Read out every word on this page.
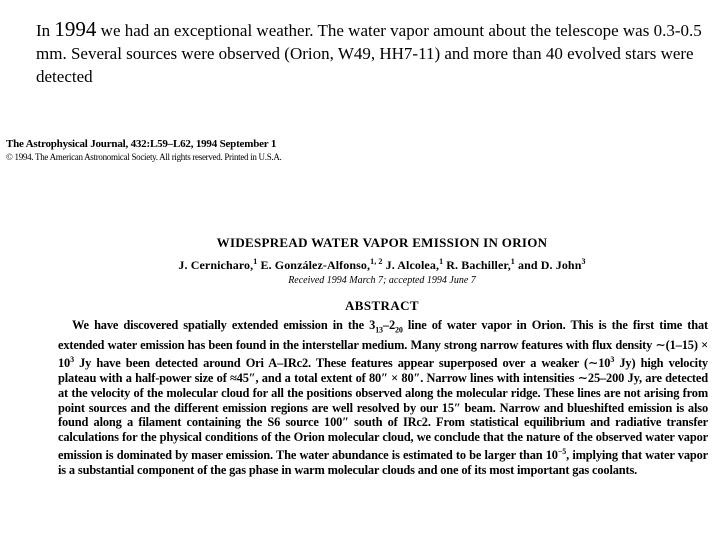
In 1994 we had an exceptional weather. The water vapor amount about the telescope was 0.3-0.5 mm. Several sources were observed (Orion, W49, HH7-11) and more than 40 evolved stars were detected
The Astrophysical Journal, 432:L59–L62, 1994 September 1
© 1994. The American Astronomical Society. All rights reserved. Printed in U.S.A.
WIDESPREAD WATER VAPOR EMISSION IN ORION
J. Cernicharo,$^1$ E. González-Alfonso,$^{1, 2}$ J. Alcolea,$^1$ R. Bachiller,$^1$ and D. John$^3$
Received 1994 March 7; accepted 1994 June 7
ABSTRACT
We have discovered spatially extended emission in the $3_{13}-2_{20}$ line of water vapor in Orion. This is the first time that extended water emission has been found in the interstellar medium. Many strong narrow features with flux density ∼(1–15) × $10^3$ Jy have been detected around Ori A–IRc2. These features appear superposed over a weaker ($\sim 10^3$ Jy) high velocity plateau with a half-power size of ≈45″, and a total extent of 80″ × 80″. Narrow lines with intensities ∼25–200 Jy, are detected at the velocity of the molecular cloud for all the positions observed along the molecular ridge. These lines are not arising from point sources and the different emission regions are well resolved by our 15″ beam. Narrow and blueshifted emission is also found along a filament containing the S6 source 100″ south of IRc2. From statistical equilibrium and radiative transfer calculations for the physical conditions of the Orion molecular cloud, we conclude that the nature of the observed water vapor emission is dominated by maser emission. The water abundance is estimated to be larger than $10^{-5}$, implying that water vapor is a substantial component of the gas phase in warm molecular clouds and one of its most important gas coolants.
